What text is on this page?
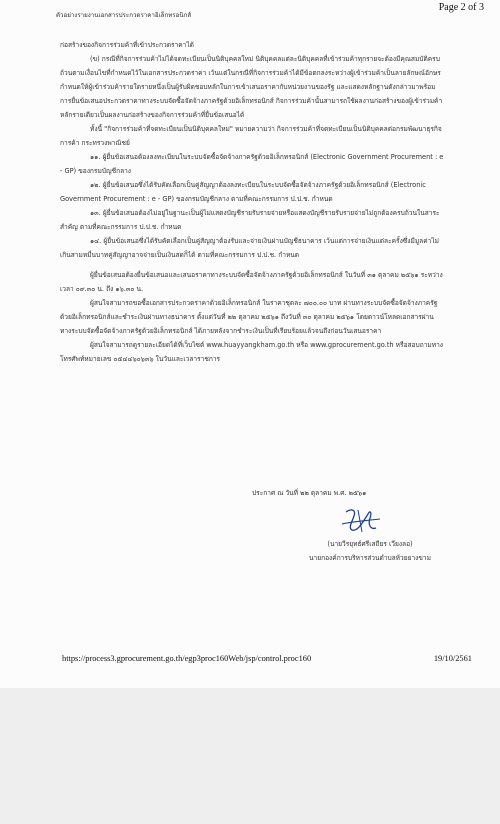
ตัวอย่างรายงานเอกสารประกวดราคาอิเล็กทรอนิกส์
Page 2 of 3

ก่อสร้างของกิจการร่วมค้าที่เข้าประกวดราคาได้

(ข) กรณีที่กิจการร่วมค้าไม่ได้จดทะเบียนเป็นนิติบุคคลใหม่ นิติบุคคลแต่ละนิติบุคคลที่เข้าร่วมค้าทุกรายจะต้องมีคุณสมบัติครบถ้วนตามเงื่อนไขที่กำหนดไว้ในเอกสารประกวดราคา เว้นแต่ในกรณีที่กิจการร่วมค้าได้มีข้อตกลงระหว่างผู้เข้าร่วมค้าเป็นลายลักษณ์อักษรกำหนดให้ผู้เข้าร่วมค้ารายใดรายหนึ่งเป็นผู้รับผิดชอบหลักในการเข้าเสนอราคากับหน่วยงานของรัฐ และแสดงหลักฐานดังกล่าวมาพร้อมการยื่นข้อเสนอประกวดราคาทางระบบจัดซื้อจัดจ้างภาครัฐด้วยอิเล็กทรอนิกส์ กิจการร่วมค้านั้นสามารถใช้ผลงานก่อสร้างของผู้เข้าร่วมค้าหลักรายเดียวเป็นผลงานก่อสร้างของกิจการร่วมค้าที่ยื่นข้อเสนอได้

ทั้งนี้ "กิจการร่วมค้าที่จดทะเบียนเป็นนิติบุคคลใหม่" หมายความว่า กิจการร่วมค้าที่จดทะเบียนเป็นนิติบุคคลต่อกรมพัฒนาธุรกิจการค้า กระทรวงพาณิชย์

๑๑. ผู้ยื่นข้อเสนอต้องลงทะเบียนในระบบจัดซื้อจัดจ้างภาครัฐด้วยอิเล็กทรอนิกส์ (Electronic Government Procurement : e - GP) ของกรมบัญชีกลาง

๑๒. ผู้ยื่นข้อเสนอซึ่งได้รับคัดเลือกเป็นคู่สัญญาต้องลงทะเบียนในระบบจัดซื้อจัดจ้างภาครัฐด้วยอิเล็กทรอนิกส์ (Electronic Government Procurement : e - GP) ของกรมบัญชีกลาง ตามที่คณะกรรมการ ป.ป.ช. กำหนด

๑๓. ผู้ยื่นข้อเสนอต้องไม่อยู่ในฐานะเป็นผู้ไม่แสดงบัญชีรายรับรายจ่ายหรือแสดงบัญชีรายรับรายจ่ายไม่ถูกต้องครบถ้วนในสาระสำคัญ ตามที่คณะกรรมการ ป.ป.ช. กำหนด

๑๔. ผู้ยื่นข้อเสนอซึ่งได้รับคัดเลือกเป็นคู่สัญญาต้องรับและจ่ายเงินผ่านบัญชีธนาคาร เว้นแต่การจ่ายเงินแต่ละครั้งซึ่งมีมูลค่าไม่เกินสามหมื่นบาทคู่สัญญาอาจจ่ายเป็นเงินสดก็ได้ ตามที่คณะกรรมการ ป.ป.ช. กำหนด

ผู้ยื่นข้อเสนอต้องยื่นข้อเสนอและเสนอราคาทางระบบจัดซื้อจัดจ้างภาครัฐด้วยอิเล็กทรอนิกส์ ในวันที่ ๓๑ ตุลาคม ๒๕๖๑ ระหว่างเวลา ๐๙.๓๐ น. ถึง ๑๖.๓๐ น.

ผู้สนใจสามารถขอซื้อเอกสารประกวดราคาด้วยอิเล็กทรอนิกส์ ในราคาชุดละ ๗๐๐.๐๐ บาท ผ่านทางระบบจัดซื้อจัดจ้างภาครัฐด้วยอิเล็กทรอนิกส์และชำระเงินผ่านทางธนาคาร ตั้งแต่วันที่ ๒๒ ตุลาคม ๒๕๖๑ ถึงวันที่ ๓๐ ตุลาคม ๒๕๖๑ โดยดาวน์โหลดเอกสารผ่านทางระบบจัดซื้อจัดจ้างภาครัฐด้วยอิเล็กทรอนิกส์ ได้ภายหลังจากชำระเงินเป็นที่เรียบร้อยแล้วจนถึงก่อนวันเสนอราคา

ผู้สนใจสามารถดูรายละเอียดได้ที่เว็บไซต์ www.huayyangkham.go.th หรือ www.gprocurement.go.th หรือสอบถามทางโทรศัพท์หมายเลข ๐๕๔๔๖๐๖๓๖ ในวันและเวลาราชการ

ประกาศ ณ วันที่ ๒๒ ตุลาคม พ.ศ. ๒๕๖๑
(นายวีรยุทธ์ศรีเสถียร เวียงลอ)
นายกองค์การบริหารส่วนตำบลห้วยยางขาม
https://process3.gprocurement.go.th/egp3proc160Web/jsp/control.proc160	19/10/2561
